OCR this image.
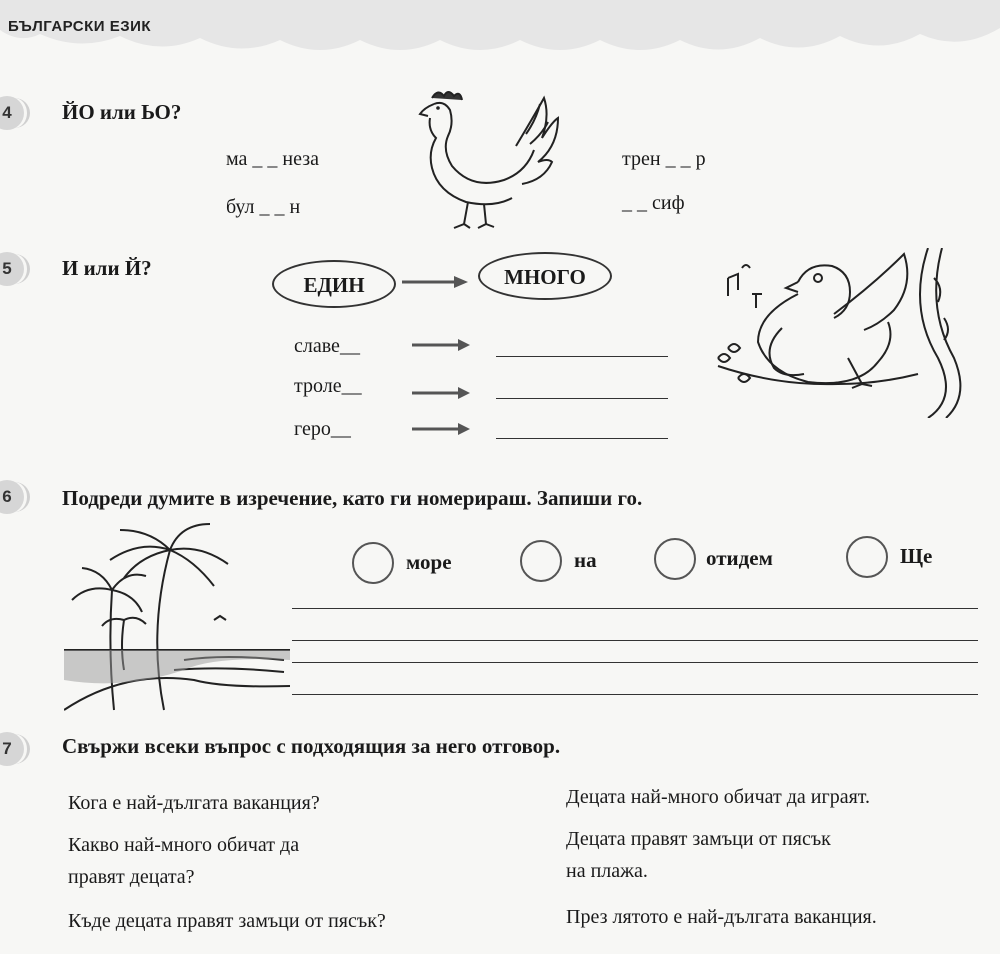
БЪЛГАРСКИ ЕЗИК
4	ЙО или ЬО?
ма _ _ неза
бул _ _ н
трен _ _ р
_ _ сиф
5	И или Й?
ЕДИН	МНОГО
славе__
троле__
геро__
6	Подреди думите в изречение, като ги номерираш. Запиши го.
море	на	отидем	Ще
7	Свържи всеки въпрос с подходящия за него отговор.
Кога е най-дългата ваканция?
Какво най-много обичат да
правят децата?
Къде децата правят замъци от пясък?
Децата най-много обичат да играят.
Децата правят замъци от пясък
на плажа.
През лятото е най-дългата ваканция.
